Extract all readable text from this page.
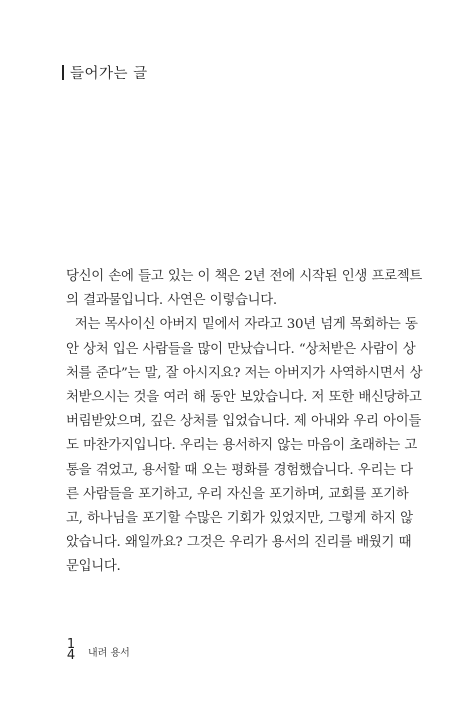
들어가는 글
당신이 손에 들고 있는 이 책은 2년 전에 시작된 인생 프로젝트
의 결과물입니다. 사연은 이렇습니다.
저는 목사이신 아버지 밑에서 자라고 30년 넘게 목회하는 동
안 상처 입은 사람들을 많이 만났습니다. “상처받은 사람이 상
처를 준다”는 말, 잘 아시지요? 저는 아버지가 사역하시면서 상
처받으시는 것을 여러 해 동안 보았습니다. 저 또한 배신당하고
버림받았으며, 깊은 상처를 입었습니다. 제 아내와 우리 아이들
도 마찬가지입니다. 우리는 용서하지 않는 마음이 초래하는 고
통을 겪었고, 용서할 때 오는 평화를 경험했습니다. 우리는 다
른 사람들을 포기하고, 우리 자신을 포기하며, 교회를 포기하
고, 하나님을 포기할 수많은 기회가 있었지만, 그렇게 하지 않
았습니다. 왜일까요? 그것은 우리가 용서의 진리를 배웠기 때
문입니다.
14 내려 용서
